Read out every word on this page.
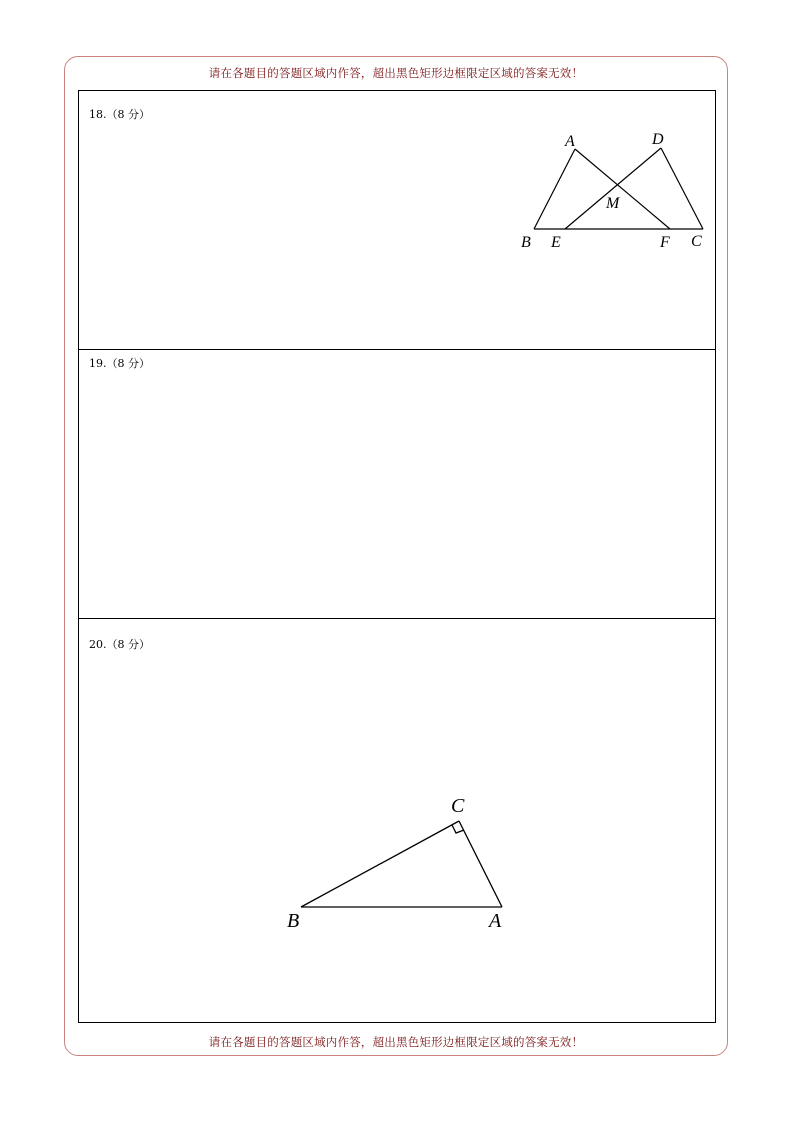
请在各题目的答题区域内作答，超出黑色矩形边框限定区域的答案无效！
18.（8 分）
A	D
M
B E	F C
19.（8 分）
20.（8 分）
C
B	A
请在各题目的答题区域内作答，超出黑色矩形边框限定区域的答案无效！
